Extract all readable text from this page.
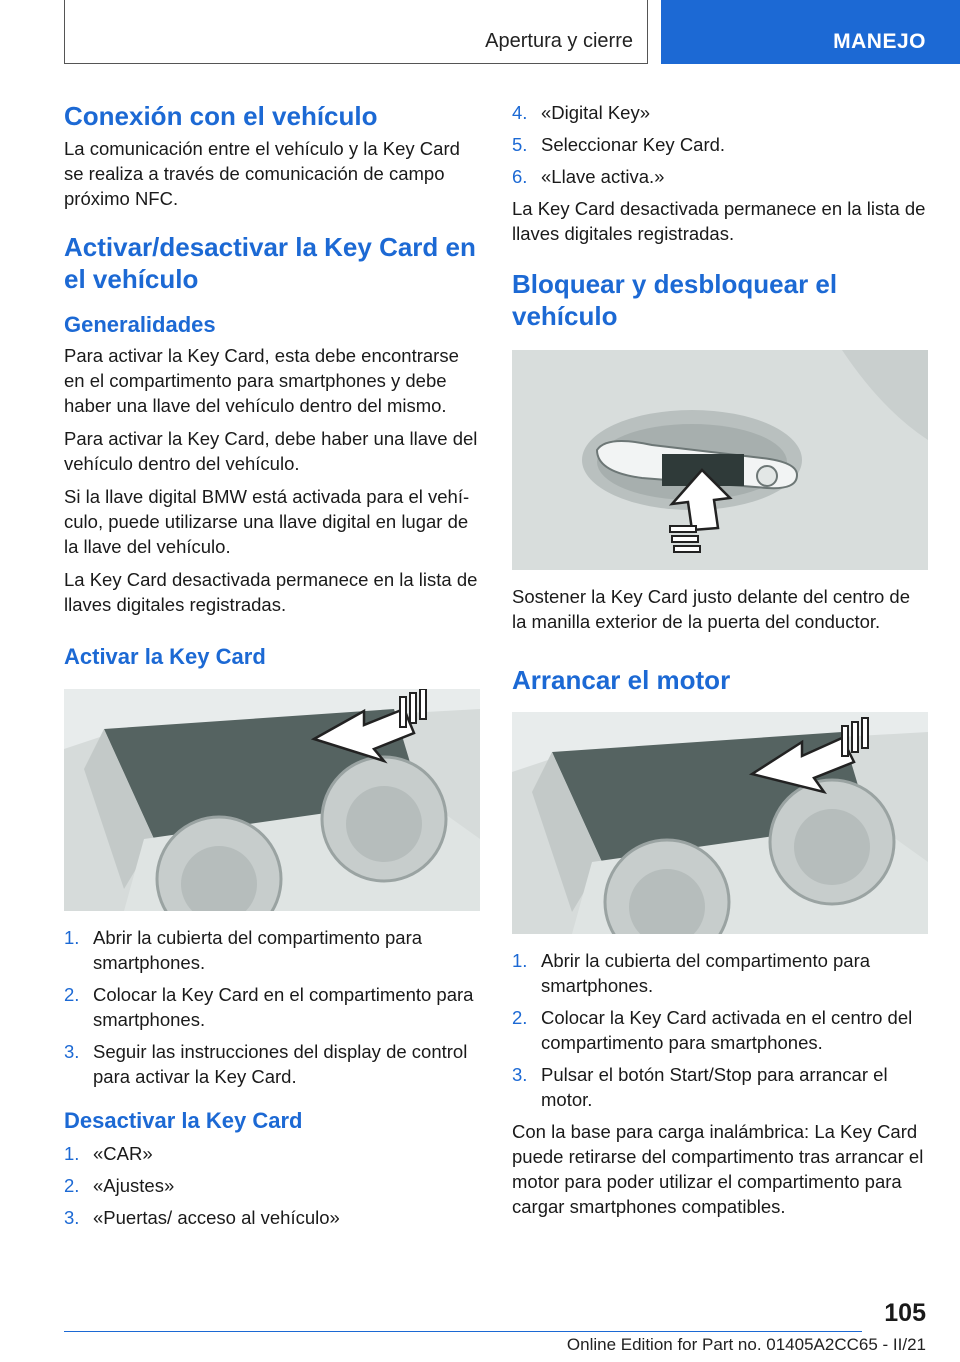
Apertura y cierre	MANEJO
Conexión con el vehículo

La comunicación entre el vehículo y la Key Card se realiza a través de comunicación de campo próximo NFC.

Activar/desactivar la Key Card en el vehículo
Generalidades

Para activar la Key Card, esta debe encontrarse en el compartimento para smartphones y debe haber una llave del vehículo dentro del mismo.

Para activar la Key Card, debe haber una llave del vehículo dentro del vehículo.

Si la llave digital BMW está activada para el vehí- culo, puede utilizarse una llave digital en lugar de la llave del vehículo.

La Key Card desactivada permanece en la lista de llaves digitales registradas.

Activar la Key Card
1. Abrir la cubierta del compartimento para smartphones.
2. Colocar la Key Card en el compartimento para smartphones.
3. Seguir las instrucciones del display de control para activar la Key Card.
Desactivar la Key Card
1. «CAR»
2. «Ajustes»
3. «Puertas/ acceso al vehículo»
4. «Digital Key»
5. Seleccionar Key Card.
6. «Llave activa.»

La Key Card desactivada permanece en la lista de llaves digitales registradas.

Bloquear y desbloquear el vehículo

Sostener la Key Card justo delante del centro de la manilla exterior de la puerta del conductor.

Arrancar el motor
1. Abrir la cubierta del compartimento para smartphones.
2. Colocar la Key Card activada en el centro del compartimento para smartphones.
3. Pulsar el botón Start/Stop para arrancar el motor.

Con la base para carga inalámbrica: La Key Card puede retirarse del compartimento tras arrancar el motor para poder utilizar el compartimento para cargar smartphones compatibles.

105
Online Edition for Part no. 01405A2CC65 - II/21
